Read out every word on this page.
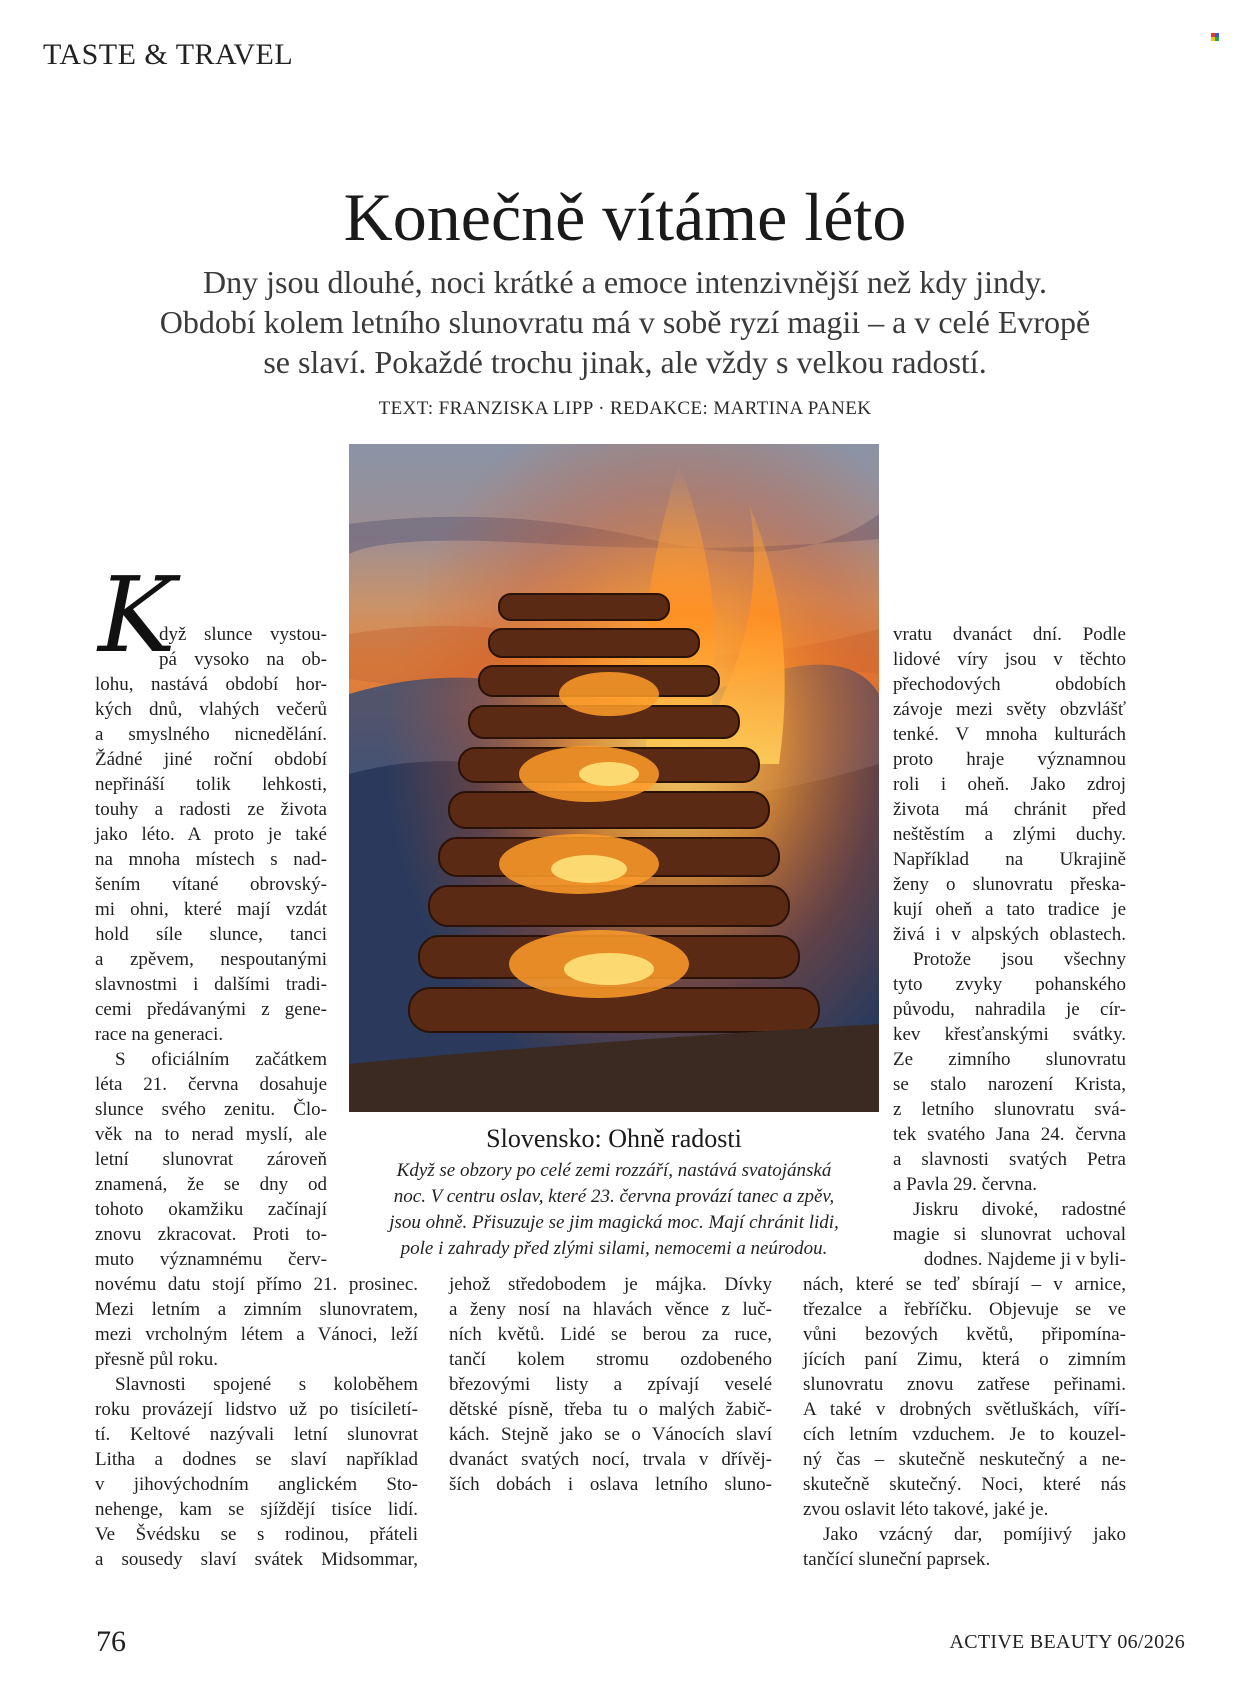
TASTE & TRAVEL
Konečně vítáme léto
Dny jsou dlouhé, noci krátké a emoce intenzivnější než kdy jindy.
Období kolem letního slunovratu má v sobě ryzí magii – a v celé Evropě
se slaví. Pokaždé trochu jinak, ale vždy s velkou radostí.
TEXT: FRANZISKA LIPP · REDAKCE: MARTINA PANEK
Slovensko: Ohně radosti
Když se obzory po celé zemi rozzáří, nastává svatojánská
noc. V centru oslav, které 23. června provází tanec a zpěv,
jsou ohně. Přisuzuje se jim magická moc. Mají chránit lidi,
pole i zahrady před zlými silami, nemocemi a neúrodou.
K
dyž slunce vystou-
pá vysoko na ob-
lohu, nastává období hor-
kých dnů, vlahých večerů
a smyslného nicnedělání.
Žádné jiné roční období
nepřináší tolik lehkosti,
touhy a radosti ze života
jako léto. A proto je také
na mnoha místech s nad-
šením vítané obrovský-
mi ohni, které mají vzdát
hold síle slunce, tanci
a zpěvem, nespoutanými
slavnostmi i dalšími tradi-
cemi předávanými z gene-
race na generaci.
S oficiálním začátkem
léta 21. června dosahuje
slunce svého zenitu. Člo-
věk na to nerad myslí, ale
letní slunovrat zároveň
znamená, že se dny od
tohoto okamžiku začínají
znovu zkracovat. Proti to-
muto významnému červ-
novému datu stojí přímo 21. prosinec.
Mezi letním a zimním slunovratem,
mezi vrcholným létem a Vánoci, leží
přesně půl roku.
Slavnosti spojené s koloběhem
roku provázejí lidstvo už po tisíciletí-
tí. Keltové nazývali letní slunovrat
Litha a dodnes se slaví například
v jihovýchodním anglickém Sto-
nehenge, kam se sjíždějí tisíce lidí.
Ve Švédsku se s rodinou, přáteli
a sousedy slaví svátek Midsommar,
jehož středobodem je májka. Dívky
a ženy nosí na hlavách věnce z luč-
ních květů. Lidé se berou za ruce,
tančí kolem stromu ozdobeného
březovými listy a zpívají veselé
dětské písně, třeba tu o malých žabič-
kách. Stejně jako se o Vánocích slaví
dvanáct svatých nocí, trvala v dřívěj-
ších dobách i oslava letního sluno-
vratu dvanáct dní. Podle
lidové víry jsou v těchto
přechodových obdobích
závoje mezi světy obzvlášť
tenké. V mnoha kulturách
proto hraje významnou
roli i oheň. Jako zdroj
života má chránit před
neštěstím a zlými duchy.
Například na Ukrajině
ženy o slunovratu přeska-
kují oheň a tato tradice je
živá i v alpských oblastech.
Protože jsou všechny
tyto zvyky pohanského
původu, nahradila je cír-
kev křesťanskými svátky.
Ze zimního slunovratu
se stalo narození Krista,
z letního slunovratu svá-
tek svatého Jana 24. června
a slavnosti svatých Petra
a Pavla 29. června.
Jiskru divoké, radostné
magie si slunovrat uchoval
dodnes. Najdeme ji v byli-
nách, které se teď sbírají – v arnice,
třezalce a řebříčku. Objevuje se ve
vůni bezových květů, připomína-
jících paní Zimu, která o zimním
slunovratu znovu zatřese peřinami.
A také v drobných světluškách, víří-
cích letním vzduchem. Je to kouzel-
ný čas – skutečně neskutečný a ne-
skutečně skutečný. Noci, které nás
zvou oslavit léto takové, jaké je.
Jako vzácný dar, pomíjivý jako
tančící sluneční paprsek.
76	ACTIVE BEAUTY 06/2026
